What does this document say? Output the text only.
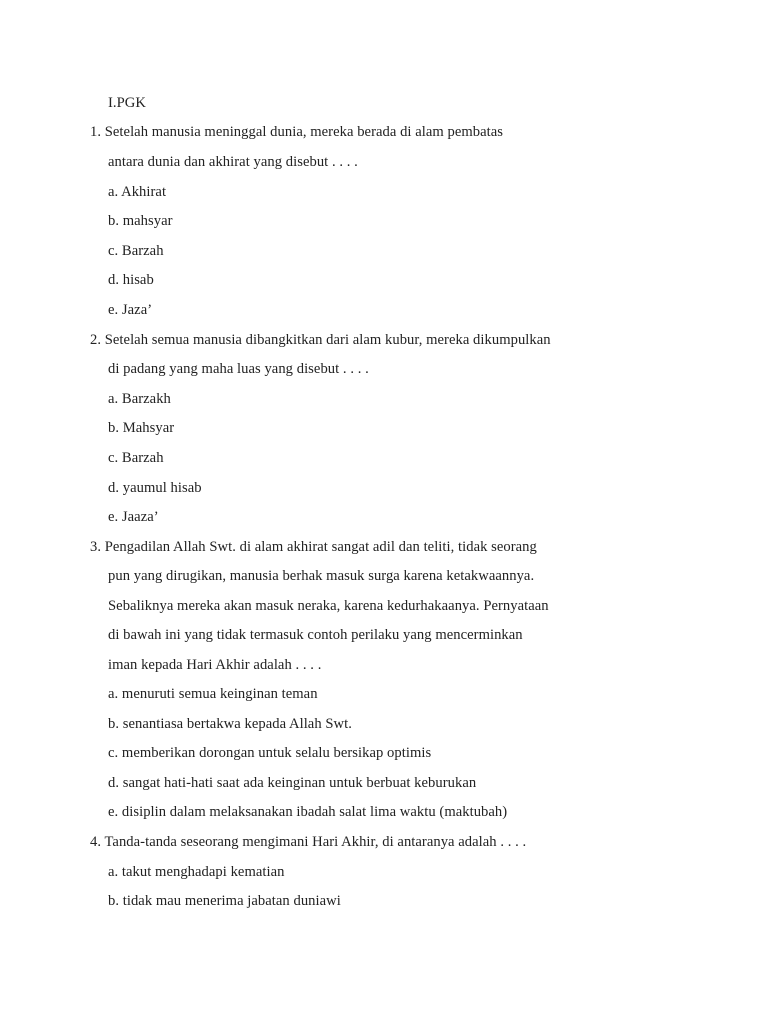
I.PGK
1. Setelah manusia meninggal dunia, mereka berada di alam pembatas
antara dunia dan akhirat yang disebut . . . .
a. Akhirat
b. mahsyar
c. Barzah
d. hisab
e. Jaza’
2. Setelah semua manusia dibangkitkan dari alam kubur, mereka dikumpulkan
di padang yang maha luas yang disebut . . . .
a. Barzakh
b. Mahsyar
c. Barzah
d. yaumul hisab
e. Jaaza’
3. Pengadilan Allah Swt. di alam akhirat sangat adil dan teliti, tidak seorang
pun yang dirugikan, manusia berhak masuk surga karena ketakwaannya.
Sebaliknya mereka akan masuk neraka, karena kedurhakaanya. Pernyataan
di bawah ini yang tidak termasuk contoh perilaku yang mencerminkan
iman kepada Hari Akhir adalah . . . .
a. menuruti semua keinginan teman
b. senantiasa bertakwa kepada Allah Swt.
c. memberikan dorongan untuk selalu bersikap optimis
d. sangat hati-hati saat ada keinginan untuk berbuat keburukan
e. disiplin dalam melaksanakan ibadah salat lima waktu (maktubah)
4. Tanda-tanda seseorang mengimani Hari Akhir, di antaranya adalah . . . .
a. takut menghadapi kematian
b. tidak mau menerima jabatan duniawi
